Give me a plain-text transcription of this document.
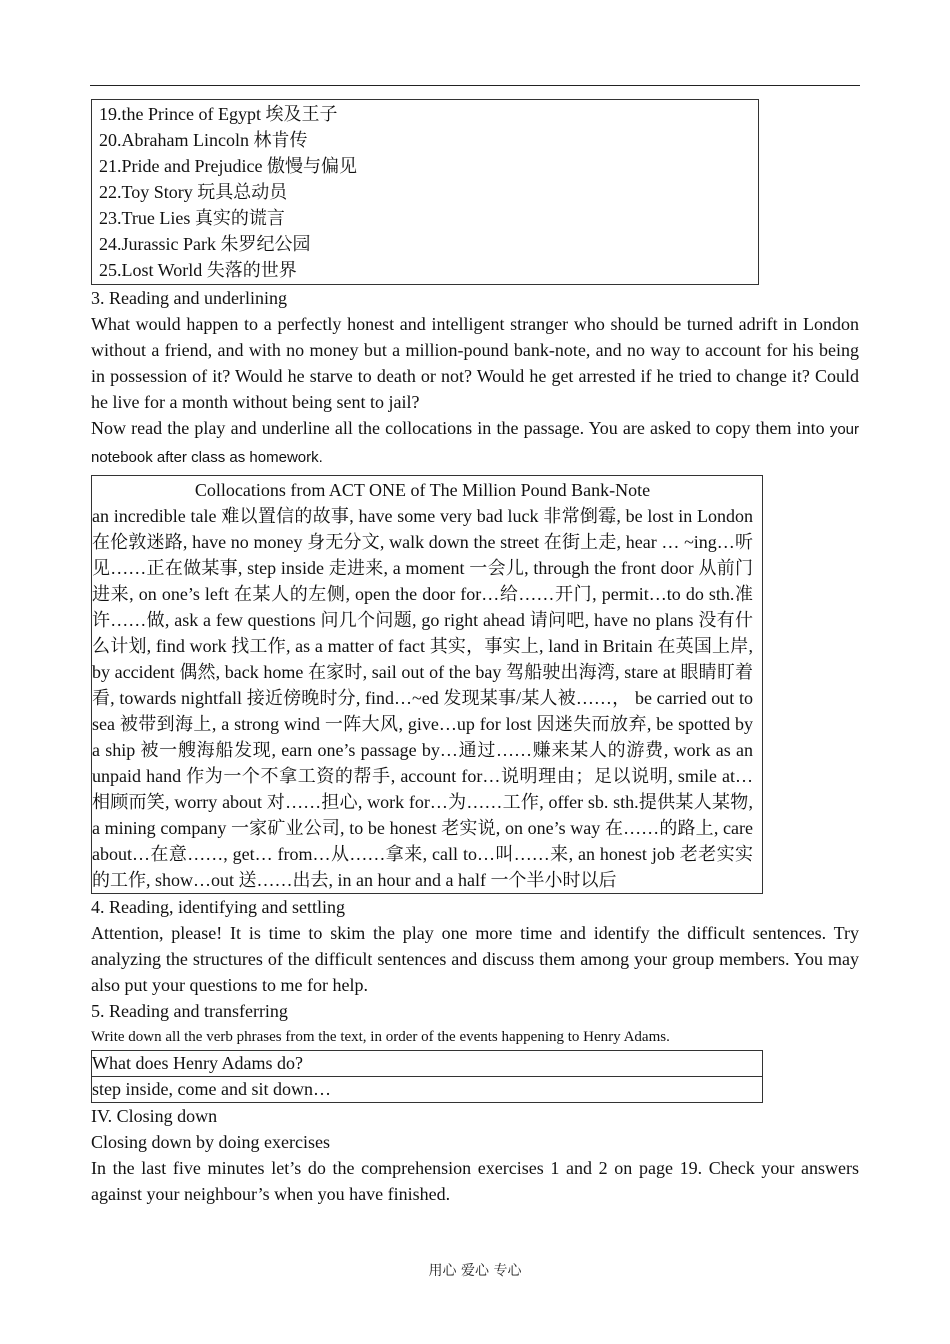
19.the Prince of Egypt 埃及王子
20.Abraham Lincoln 林肯传
21.Pride and Prejudice 傲慢与偏见
22.Toy Story 玩具总动员
23.True Lies 真实的谎言
24.Jurassic Park 朱罗纪公园
25.Lost World 失落的世界
3. Reading and underlining
What would happen to a perfectly honest and intelligent stranger who should be turned adrift in London without a friend, and with no money but a million-pound bank-note, and no way to account for his being in possession of it? Would he starve to death or not? Would he get arrested if he tried to change it? Could he live for a month without being sent to jail?
Now read the play and underline all the collocations in the passage. You are asked to copy them into your notebook after class as homework.
Collocations from ACT ONE of The Million Pound Bank-Note
an incredible tale 难以置信的故事, have some very bad luck 非常倒霉, be lost in London 在伦敦迷路, have no money 身无分文, walk down the street 在街上走, hear … ~ing…听见……正在做某事, step inside 走进来, a moment 一会儿, through the front door 从前门进来, on one’s left 在某人的左侧, open the door for…给……开门, permit…to do sth.准许……做, ask a few questions 问几个问题, go right ahead 请问吧, have no plans 没有什么计划, find work 找工作, as a matter of fact 其实，事实上, land in Britain 在英国上岸, by accident 偶然, back home 在家时, sail out of the bay 驾船驶出海湾, stare at 眼睛盯着看, towards nightfall 接近傍晚时分, find…~ed 发现某事/某人被……， be carried out to sea 被带到海上, a strong wind 一阵大风, give…up for lost 因迷失而放弃, be spotted by a ship 被一艘海船发现, earn one’s passage by…通过……赚来某人的游费, work as an unpaid hand 作为一个不拿工资的帮手, account for…说明理由；足以说明, smile at…相顾而笑, worry about 对……担心, work for…为……工作, offer sb. sth.提供某人某物, a mining company 一家矿业公司, to be honest 老实说, on one’s way 在……的路上, care about…在意……, get… from…从……拿来, call to…叫……来, an honest job 老老实实的工作, show…out 送……出去, in an hour and a half 一个半小时以后
4. Reading, identifying and settling
Attention, please! It is time to skim the play one more time and identify the difficult sentences. Try analyzing the structures of the difficult sentences and discuss them among your group members. You may also put your questions to me for help.
5. Reading and transferring
Write down all the verb phrases from the text, in order of the events happening to Henry Adams.
What does Henry Adams do?
step inside, come and sit down…
IV. Closing down
Closing down by doing exercises
In the last five minutes let’s do the comprehension exercises 1 and 2 on page 19. Check your answers against your neighbour’s when you have finished.
用心 爱心 专心
